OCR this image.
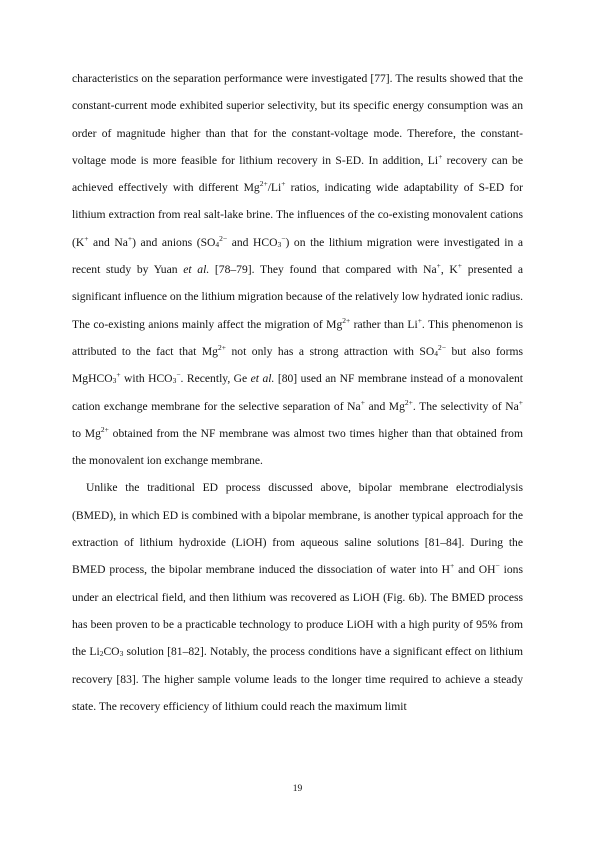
characteristics on the separation performance were investigated [77]. The results showed that the constant-current mode exhibited superior selectivity, but its specific energy consumption was an order of magnitude higher than that for the constant-voltage mode. Therefore, the constant-voltage mode is more feasible for lithium recovery in S-ED. In addition, Li+ recovery can be achieved effectively with different $Mg^{2+}/Li^+$ ratios, indicating wide adaptability of S-ED for lithium extraction from real salt-lake brine. The influences of the co-existing monovalent cations (K+ and Na+) and anions ($SO_4^{2-}$ and $HCO_3^-$) on the lithium migration were investigated in a recent study by Yuan et al. [78–79]. They found that compared with Na+, K+ presented a significant influence on the lithium migration because of the relatively low hydrated ionic radius. The co-existing anions mainly affect the migration of $Mg^{2+}$ rather than Li+. This phenomenon is attributed to the fact that $Mg^{2+}$ not only has a strong attraction with $SO_4^{2-}$ but also forms MgHCO$_3$+ with $HCO_3^-$. Recently, Ge et al. [80] used an NF membrane instead of a monovalent cation exchange membrane for the selective separation of Na+ and $Mg^{2+}$. The selectivity of Na+ to $Mg^{2+}$ obtained from the NF membrane was almost two times higher than that obtained from the monovalent ion exchange membrane.

Unlike the traditional ED process discussed above, bipolar membrane electrodialysis (BMED), in which ED is combined with a bipolar membrane, is another typical approach for the extraction of lithium hydroxide (LiOH) from aqueous saline solutions [81–84]. During the BMED process, the bipolar membrane induced the dissociation of water into H+ and OH− ions under an electrical field, and then lithium was recovered as LiOH (Fig. 6b). The BMED process has been proven to be a practicable technology to produce LiOH with a high purity of 95% from the $Li_2CO_3$ solution [81–82]. Notably, the process conditions have a significant effect on lithium recovery [83]. The higher sample volume leads to the longer time required to achieve a steady state. The recovery efficiency of lithium could reach the maximum limit

19
